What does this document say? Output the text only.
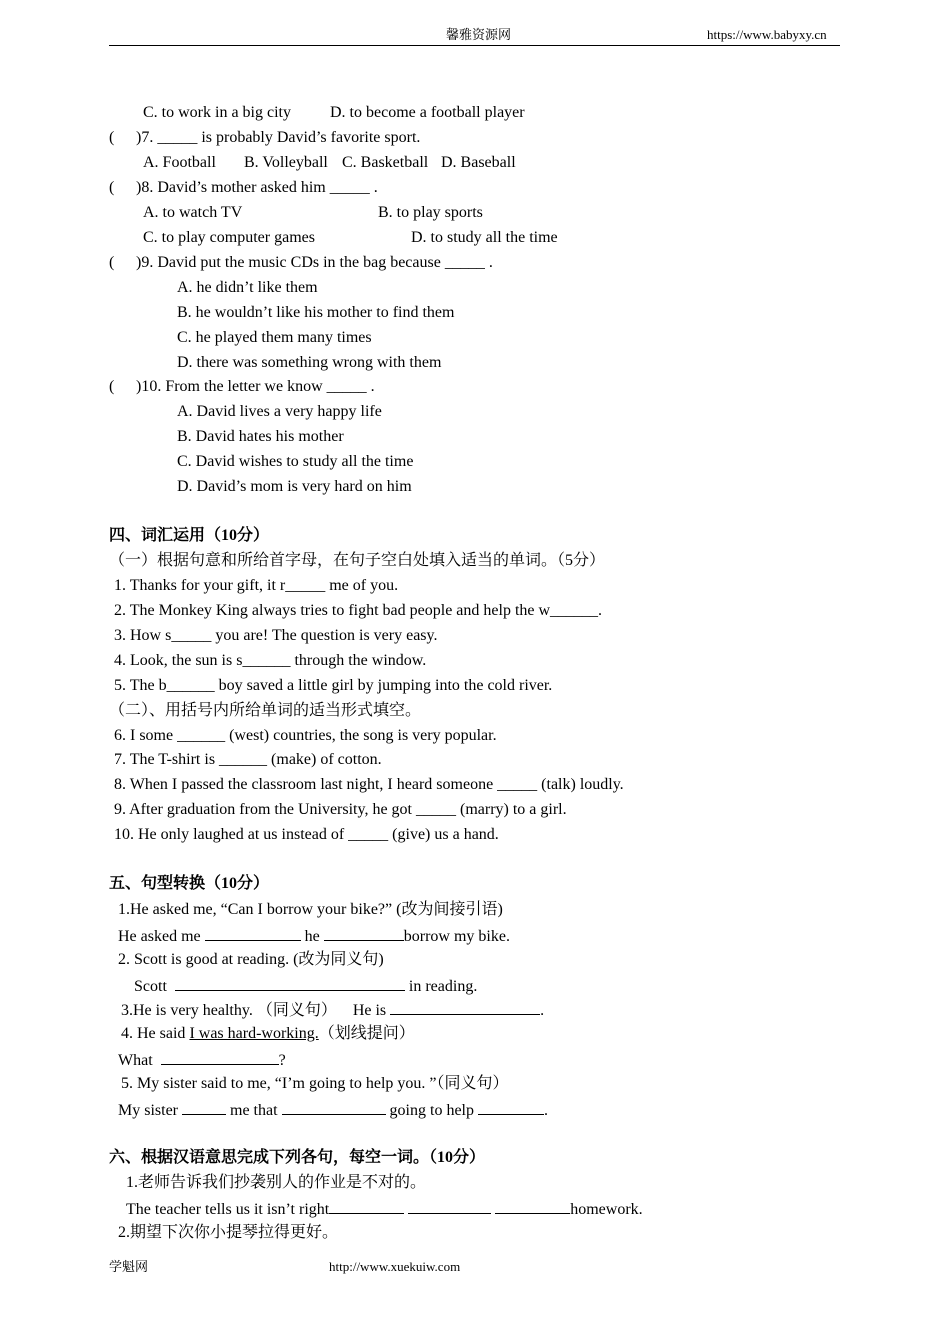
馨雅资源网	https://www.babyxy.cn
C. to work in a big city D. to become a football player
( )7. _____ is probably David’s favorite sport.
A. Football B. Volleyball C. Basketball D. Baseball
( )8. David’s mother asked him _____ .
A. to watch TV	B. to play sports
C. to play computer games	D. to study all the time
( )9. David put the music CDs in the bag because _____ .
A. he didn’t like them
B. he wouldn’t like his mother to find them
C. he played them many times
D. there was something wrong with them
( )10. From the letter we know _____ .
A. David lives a very happy life
B. David hates his mother
C. David wishes to study all the time
D. David’s mom is very hard on him
四、词汇运用（10分）
（一）根据句意和所给首字母，在句子空白处填入适当的单词。（5分）
1. Thanks for your gift, it r_____ me of you.
2. The Monkey King always tries to fight bad people and help the w______.
3. How s_____ you are! The question is very easy.
4. Look, the sun is s______ through the window.
5. The b______ boy saved a little girl by jumping into the cold river.
（二）、用括号内所给单词的适当形式填空。
6. I some ______ (west) countries, the song is very popular.
7. The T-shirt is ______ (make) of cotton.
8. When I passed the classroom last night, I heard someone _____ (talk) loudly.
9. After graduation from the University, he got _____ (marry) to a girl.
10. He only laughed at us instead of _____ (give) us a hand.
五、句型转换（10分）
1.He asked me, “Can I borrow your bike?” (改为间接引语)
He asked me	he	borrow my bike.
2. Scott is good at reading. (改为同义句)
Scott	in reading.
3.He is very healthy. （同义句）    He is	.
4. He said I was hard-working.（划线提问）
What	?
5. My sister said to me, “I’m going to help you. ”（同义句）
My sister	me that	going to help	.
六、根据汉语意思完成下列各句，每空一词。（10分）
1.老师告诉我们抄袭别人的作业是不对的。
The teacher tells us it isn’t right	homework.
2.期望下次你小提琴拉得更好。
学魁网	http://www.xuekuiw.com
